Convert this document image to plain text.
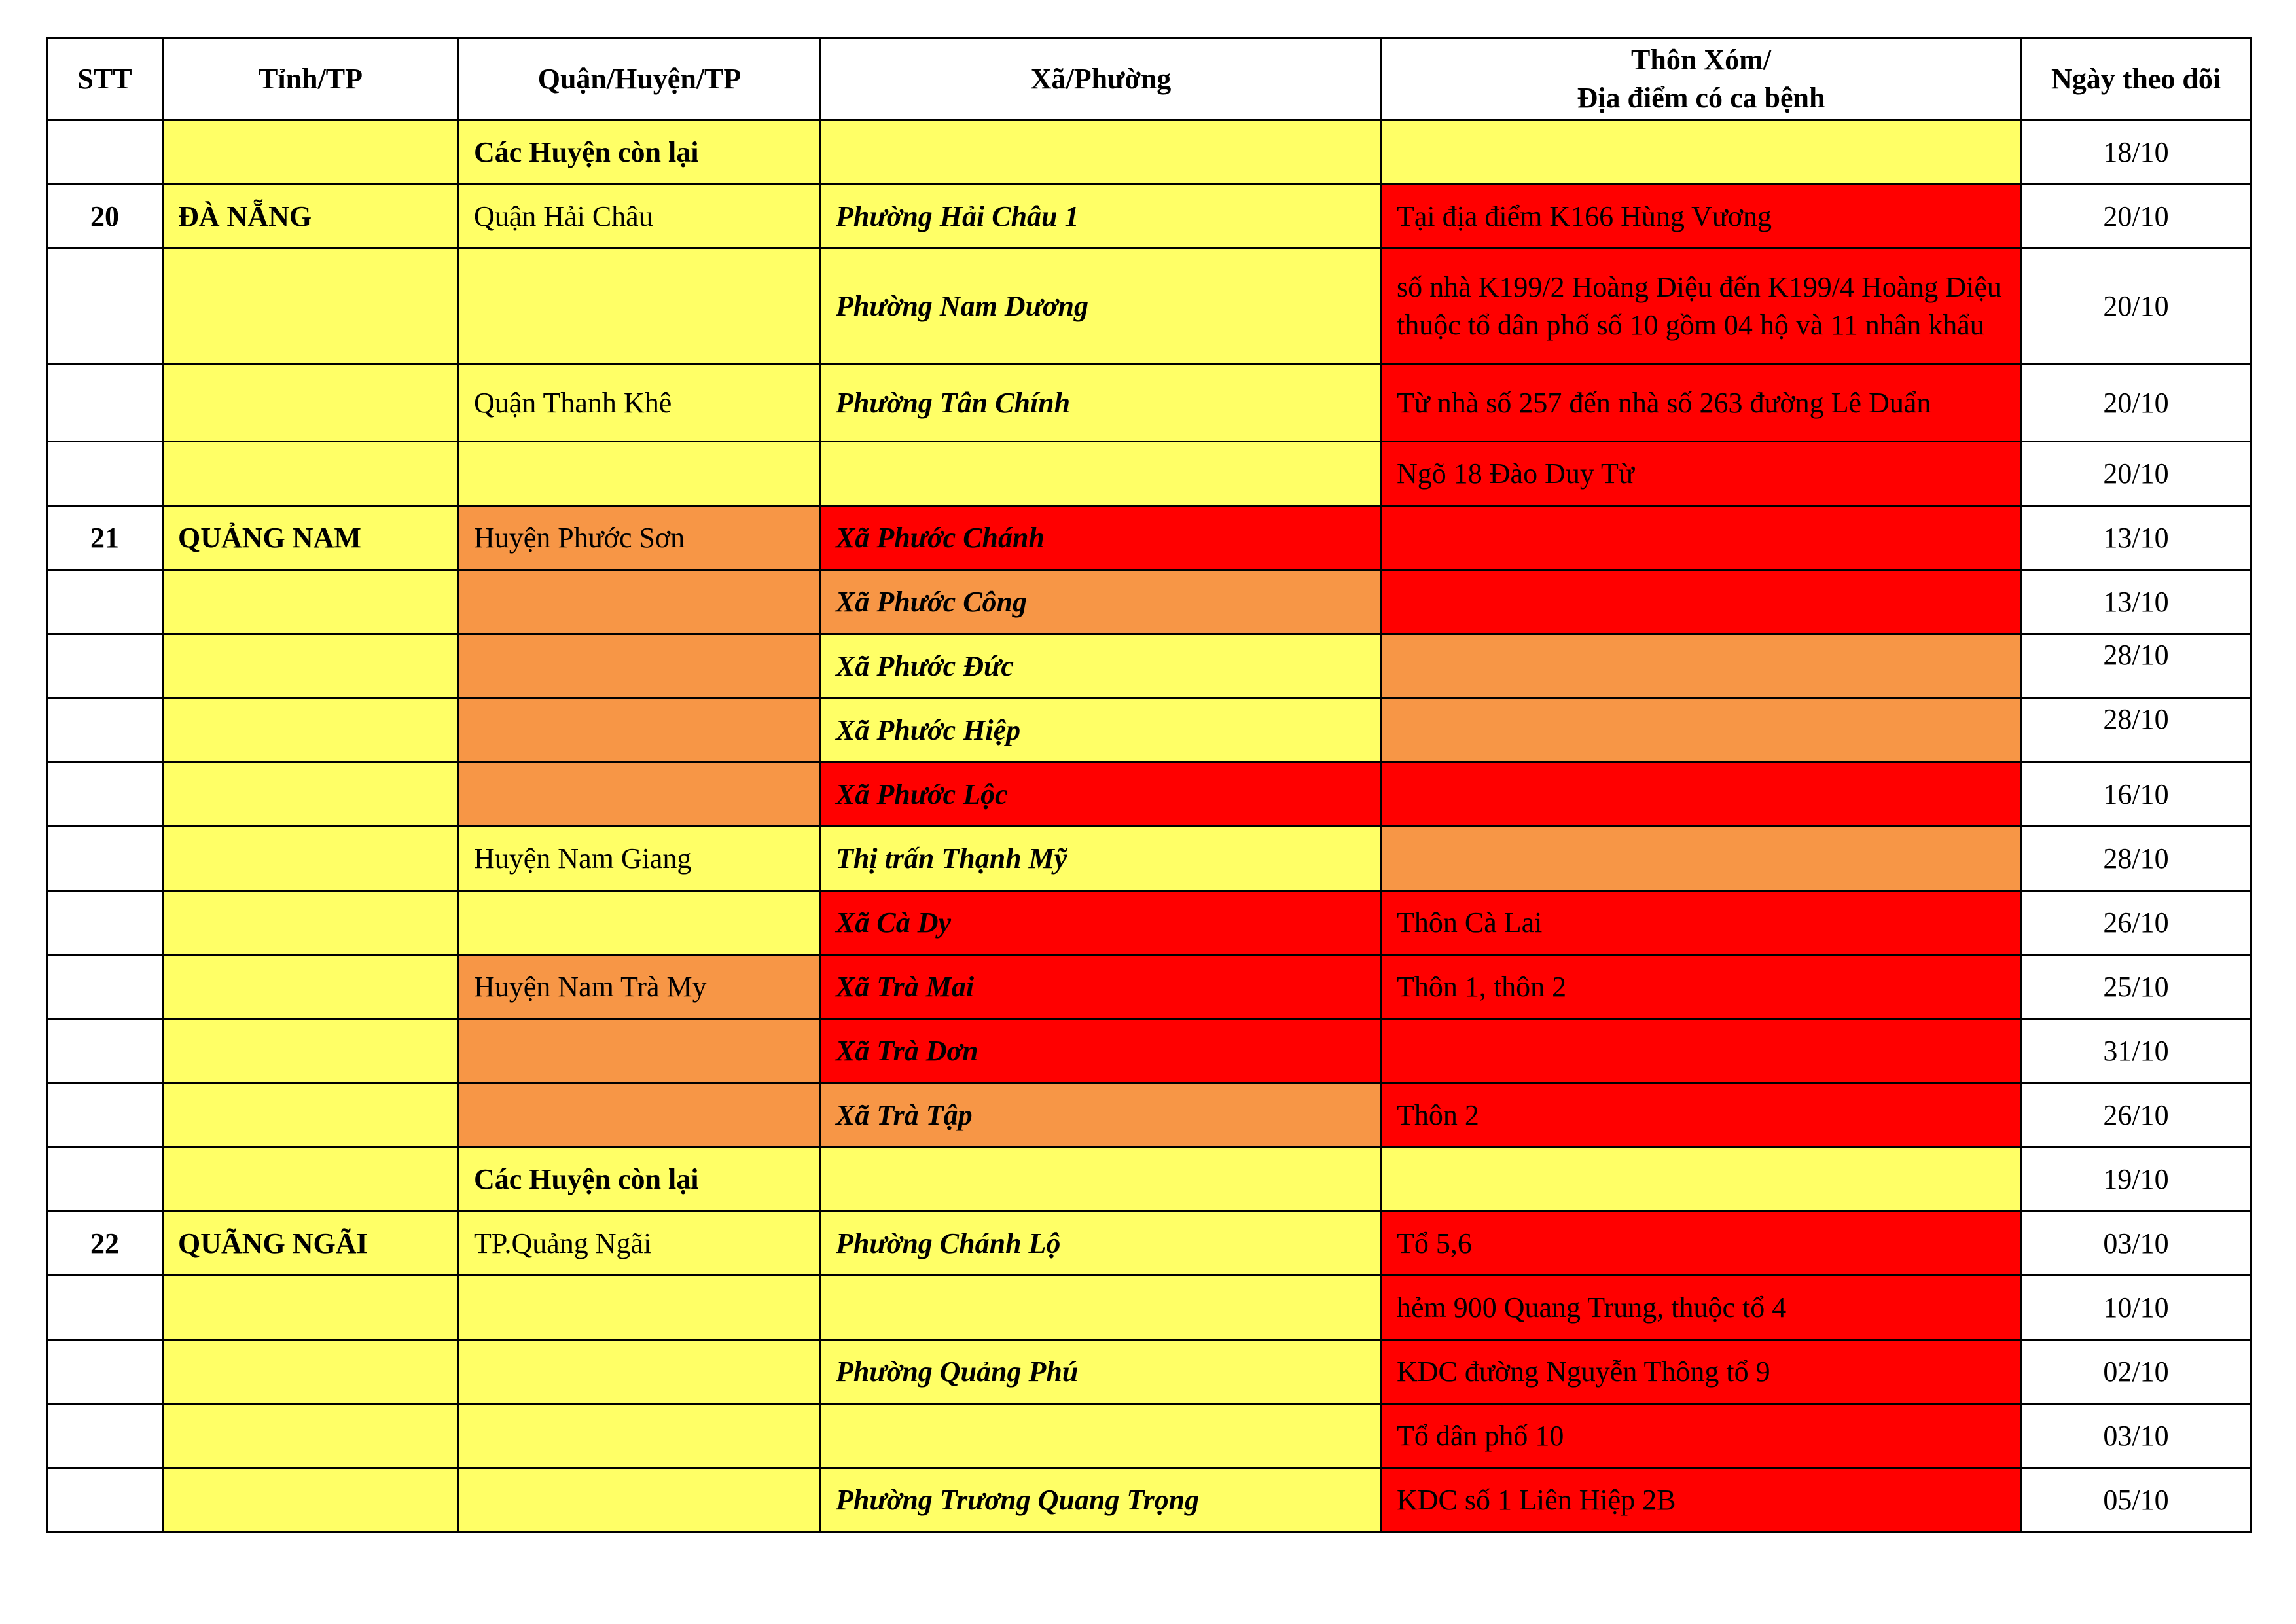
STT	Tỉnh/TP	Quận/Huyện/TP	Xã/Phường	Thôn Xóm/
Địa điểm có ca bệnh	Ngày theo dõi
		Các Huyện còn lại			18/10
20	ĐÀ NẴNG	Quận Hải Châu	Phường Hải Châu 1	Tại địa điểm K166 Hùng Vương	20/10
			Phường Nam Dương	số nhà K199/2 Hoàng Diệu đến K199/4 Hoàng Diệu thuộc tổ dân phố số 10 gồm 04 hộ và 11 nhân khẩu	20/10
		Quận Thanh Khê	Phường Tân Chính	Từ nhà số 257 đến nhà số 263 đường Lê Duẩn	20/10
				Ngõ 18 Đào Duy Từ	20/10
21	QUẢNG NAM	Huyện Phước Sơn	Xã Phước Chánh		13/10
			Xã Phước Công		13/10
			Xã Phước Đức		28/10
			Xã Phước Hiệp		28/10
			Xã Phước Lộc		16/10
		Huyện Nam Giang	Thị trấn Thạnh Mỹ		28/10
			Xã Cà Dy	Thôn Cà Lai	26/10
		Huyện Nam Trà My	Xã Trà Mai	Thôn 1, thôn 2	25/10
			Xã Trà Dơn		31/10
			Xã Trà Tập	Thôn 2	26/10
		Các Huyện còn lại			19/10
22	QUÃNG NGÃI	TP.Quảng Ngãi	Phường Chánh Lộ	Tổ 5,6	03/10
				hẻm 900 Quang Trung, thuộc tổ 4	10/10
			Phường Quảng Phú	KDC đường Nguyễn Thông tổ 9	02/10
				Tổ dân phố 10	03/10
			Phường Trương Quang Trọng	KDC số 1 Liên Hiệp 2B	05/10
